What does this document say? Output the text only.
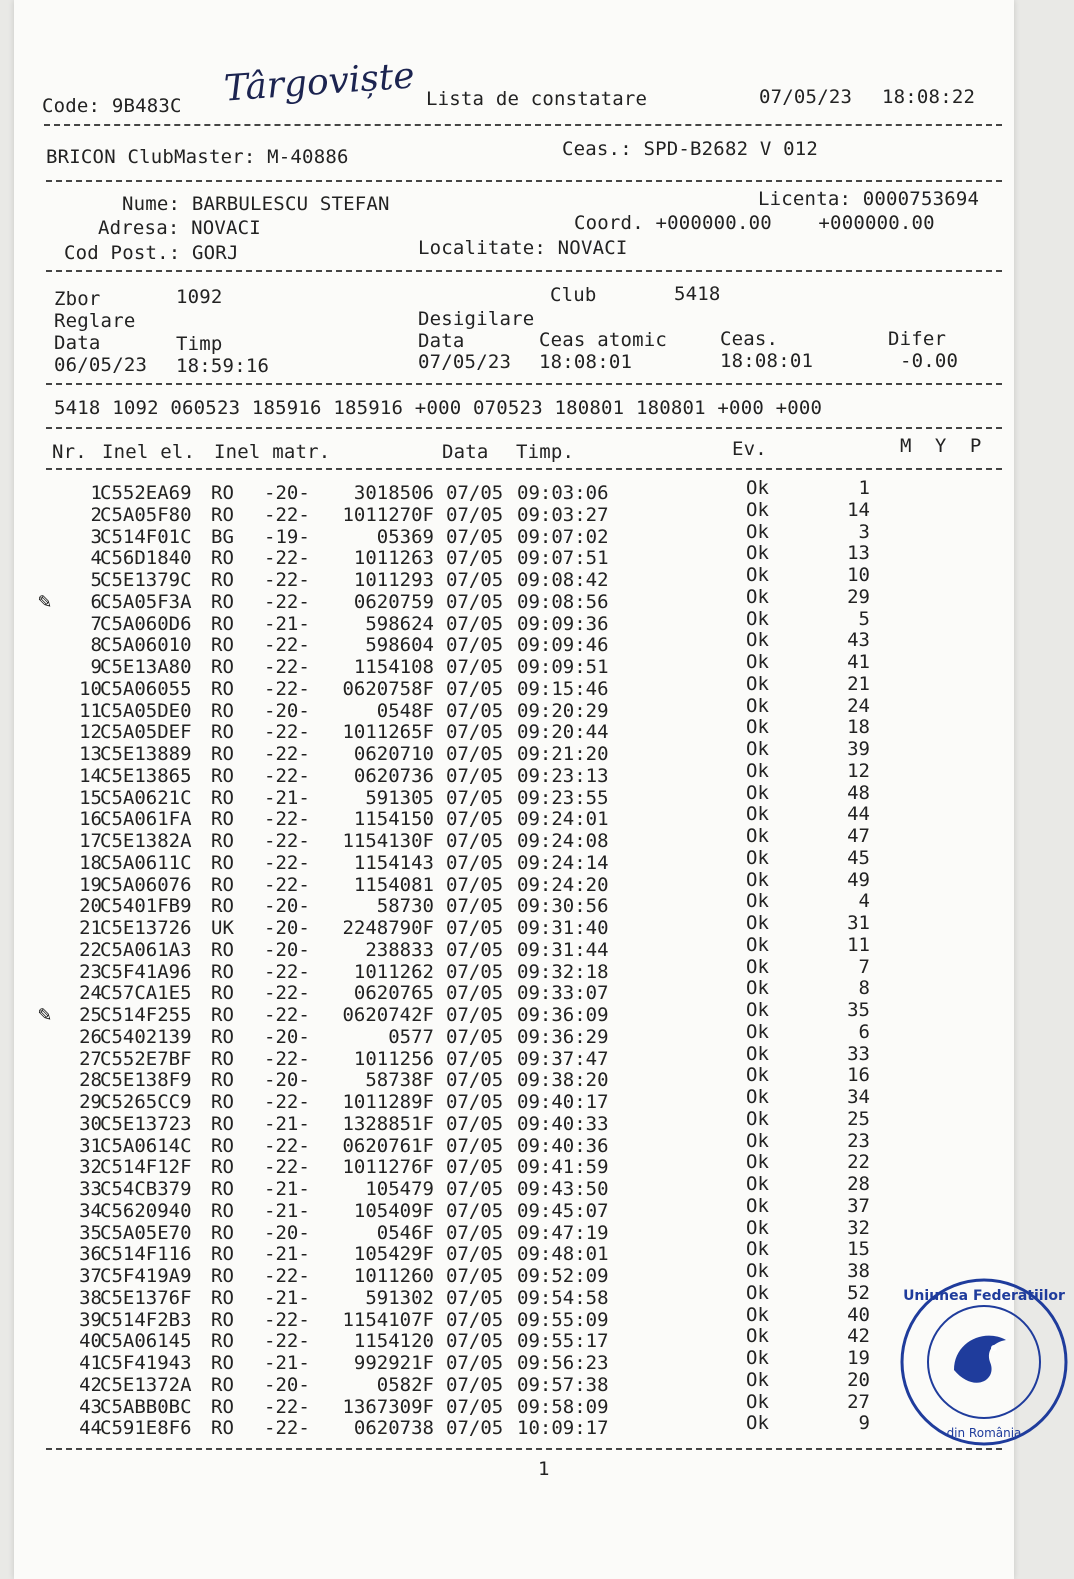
Code: 9B483C Târgoviște Lista de constatare	07/05/23 18:08:22
BRICON ClubMaster: M-40886	Ceas.: SPD-B2682 V 012
Nume: BARBULESCU STEFAN	Licenta: 0000753694
Adresa: NOVACI	Coord. +000000.00    +000000.00
Cod Post.: GORJ	Localitate: NOVACI
Zbor	1092	Club	5418
Reglare	Desigilare
Data	Timp	Data	Ceas atomic	Ceas.	Difer
06/05/23 18:59:16	07/05/23 18:08:01	18:08:01	-0.00
5418 1092 060523 185916 185916 +000 070523 180801 180801 +000 +000
Nr. Inel el. Inel matr.	Data Timp.	Ev.	M  Y  P
1
C552EA69 RO -20- 3018506 07/05 09:03:06	Ok	1
2
C5A05F80 RO -22- 1011270F 07/05 09:03:27	Ok	14
3
C514F01C BG -19-	05369 07/05 09:07:02	Ok	3
4
C56D1840 RO -22- 1011263 07/05 09:07:51	Ok	13
5
C5E1379C RO -22- 1011293 07/05 09:08:42	Ok	10
6
C5A05F3A RO -22- 0620759 07/05 09:08:56	Ok	29
✎
7
C5A060D6 RO -21-	598624 07/05 09:09:36	Ok	5
8
C5A06010 RO -22-	598604 07/05 09:09:46	Ok	43
9
C5E13A80 RO -22- 1154108 07/05 09:09:51	Ok	41
10
C5A06055 RO -22- 0620758F 07/05 09:15:46	Ok	21
11
C5A05DE0 RO -20-	0548F 07/05 09:20:29	Ok	24
12
C5A05DEF RO -22- 1011265F 07/05 09:20:44	Ok	18
13
C5E13889 RO -22- 0620710 07/05 09:21:20	Ok	39
14
C5E13865 RO -22- 0620736 07/05 09:23:13	Ok	12
15
C5A0621C RO -21-	591305 07/05 09:23:55	Ok	48
16
C5A061FA RO -22- 1154150 07/05 09:24:01	Ok	44
17
C5E1382A RO -22- 1154130F 07/05 09:24:08	Ok	47
18
C5A0611C RO -22- 1154143 07/05 09:24:14	Ok	45
19
C5A06076 RO -22- 1154081 07/05 09:24:20	Ok	49
20
C5401FB9 RO -20-	58730 07/05 09:30:56	Ok	4
21
C5E13726 UK -20- 2248790F 07/05 09:31:40	Ok	31
22
C5A061A3 RO -20-	238833 07/05 09:31:44	Ok	11
23
C5F41A96 RO -22- 1011262 07/05 09:32:18	Ok	7
24
C57CA1E5 RO -22- 0620765 07/05 09:33:07	Ok	8
25
C514F255 RO -22- 0620742F 07/05 09:36:09	Ok	35
✎
26
C5402139 RO -20-	0577 07/05 09:36:29	Ok	6
27
C552E7BF RO -22- 1011256 07/05 09:37:47	Ok	33
28
C5E138F9 RO -20-	58738F 07/05 09:38:20	Ok	16
29
C5265CC9 RO -22- 1011289F 07/05 09:40:17	Ok	34
30
C5E13723 RO -21- 1328851F 07/05 09:40:33	Ok	25
31
C5A0614C RO -22- 0620761F 07/05 09:40:36	Ok	23
32
C514F12F RO -22- 1011276F 07/05 09:41:59	Ok	22
33
C54CB379 RO -21-	105479 07/05 09:43:50	Ok	28
34
C5620940 RO -21- 105409F 07/05 09:45:07	Ok	37
35
C5A05E70 RO -20-	0546F 07/05 09:47:19	Ok	32
36
C514F116 RO -21- 105429F 07/05 09:48:01	Ok	15
37
C5F419A9 RO -22- 1011260 07/05 09:52:09	Ok	38
38
C5E1376F RO -21-	591302 07/05 09:54:58	Ok	52
39
C514F2B3 RO -22- 1154107F 07/05 09:55:09	Ok	40
40
C5A06145 RO -22- 1154120 07/05 09:55:17	Ok	42
41
C5F41943 RO -21- 992921F 07/05 09:56:23	Ok	19
42
C5E1372A RO -20-	0582F 07/05 09:57:38	Ok	20
43
C5ABB0BC RO -22- 1367309F 07/05 09:58:09	Ok	27
44
C591E8F6 RO -22- 0620738 07/05 10:09:17	Ok	9
1
Uniunea Federatiilor
din România
